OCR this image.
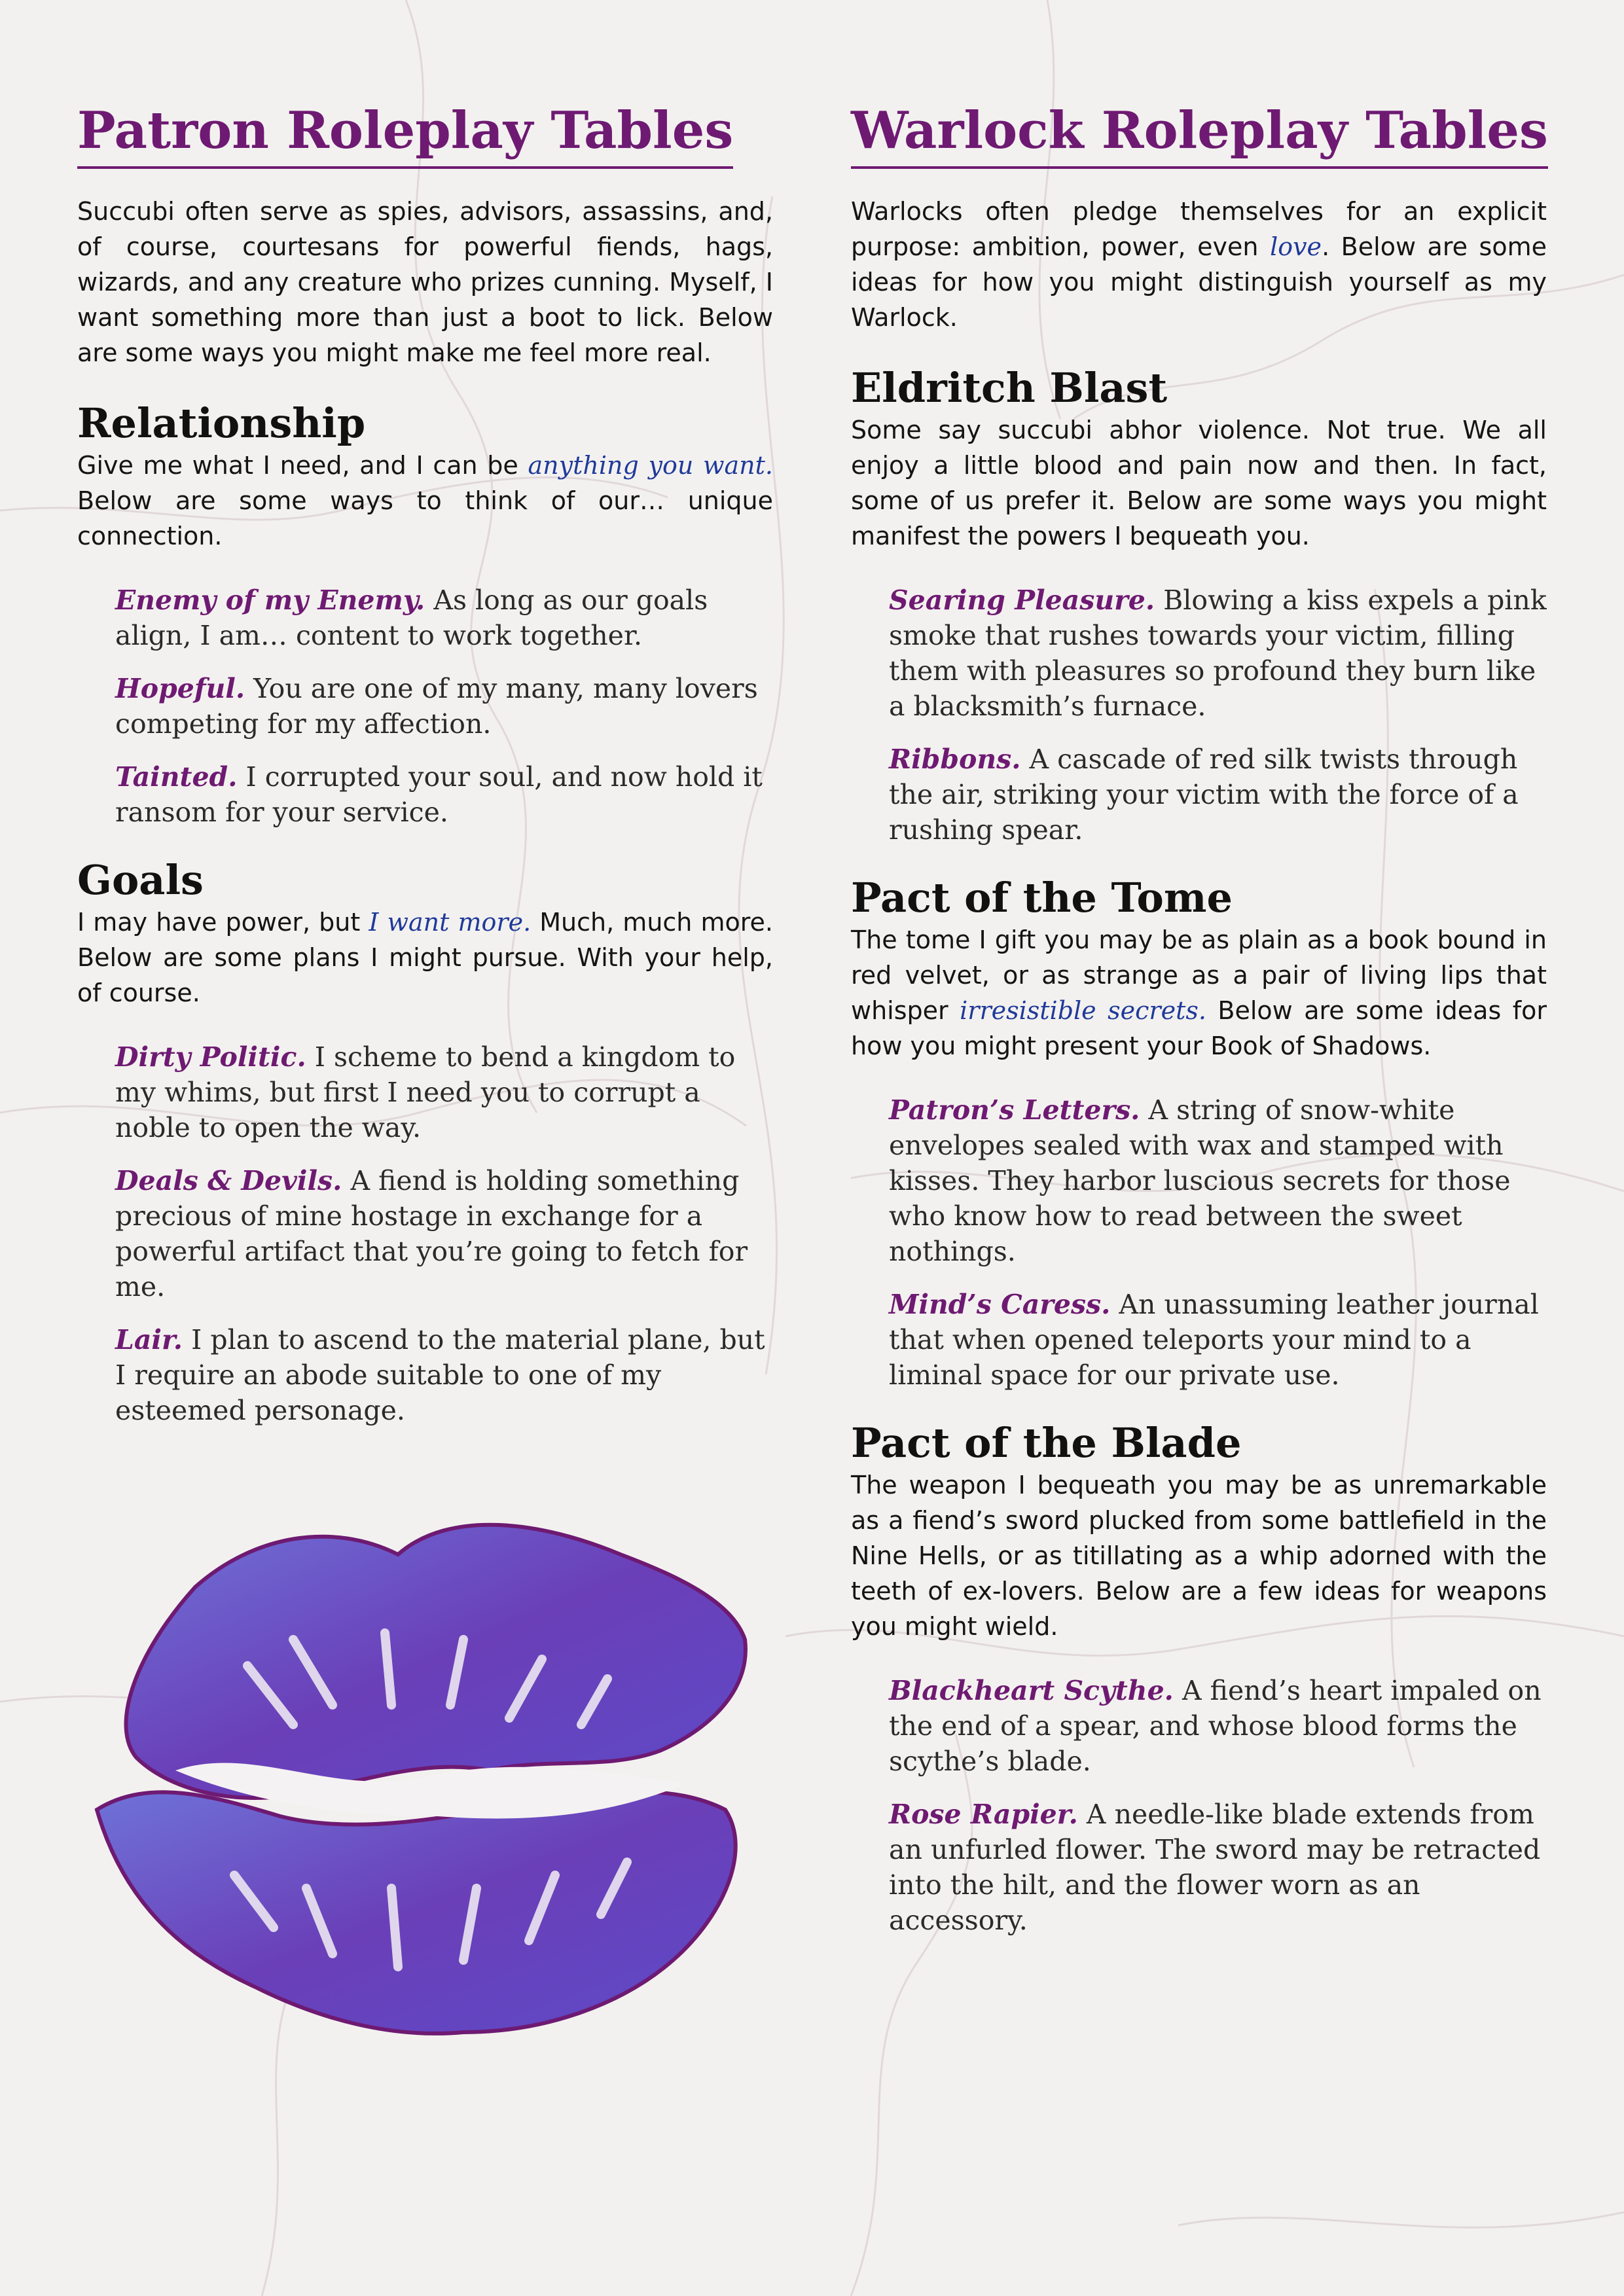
Patron Roleplay Tables

Succubi often serve as spies, advisors, assassins, and, of course, courtesans for powerful fiends, hags, wizards, and any creature who prizes cunning. Myself, I want something more than just a boot to lick. Below are some ways you might make me feel more real.

Relationship

Give me what I need, and I can be anything you want. Below are some ways to think of our… unique connection.

Enemy of my Enemy. As long as our goals align, I am… content to work together.
Hopeful. You are one of my many, many lovers competing for my affection.
Tainted. I corrupted your soul, and now hold it ransom for your service.
Goals

I may have power, but I want more. Much, much more. Below are some plans I might pursue. With your help, of course.

Dirty Politic. I scheme to bend a kingdom to my whims, but first I need you to corrupt a noble to open the way.
Deals & Devils. A fiend is holding something precious of mine hostage in exchange for a powerful artifact that you’re going to fetch for me.
Lair. I plan to ascend to the material plane, but I require an abode suitable to one of my esteemed personage.
Warlock Roleplay Tables

Warlocks often pledge themselves for an explicit purpose: ambition, power, even love. Below are some ideas for how you might distinguish yourself as my Warlock.

Eldritch Blast

Some say succubi abhor violence. Not true. We all enjoy a little blood and pain now and then. In fact, some of us prefer it. Below are some ways you might manifest the powers I bequeath you.

Searing Pleasure. Blowing a kiss expels a pink smoke that rushes towards your victim, filling them with pleasures so profound they burn like a blacksmith’s furnace.
Ribbons. A cascade of red silk twists through the air, striking your victim with the force of a rushing spear.
Pact of the Tome

The tome I gift you may be as plain as a book bound in red velvet, or as strange as a pair of living lips that whisper irresistible secrets. Below are some ideas for how you might present your Book of Shadows.

Patron’s Letters. A string of snow-white envelopes sealed with wax and stamped with kisses. They harbor luscious secrets for those who know how to read between the sweet nothings.
Mind’s Caress. An unassuming leather journal that when opened teleports your mind to a liminal space for our private use.
Pact of the Blade

The weapon I bequeath you may be as unremarkable as a fiend’s sword plucked from some battlefield in the Nine Hells, or as titillating as a whip adorned with the teeth of ex-lovers. Below are a few ideas for weapons you might wield.

Blackheart Scythe. A fiend’s heart impaled on the end of a spear, and whose blood forms the scythe’s blade.
Rose Rapier. A needle-like blade extends from an unfurled flower. The sword may be retracted into the hilt, and the flower worn as an accessory.
